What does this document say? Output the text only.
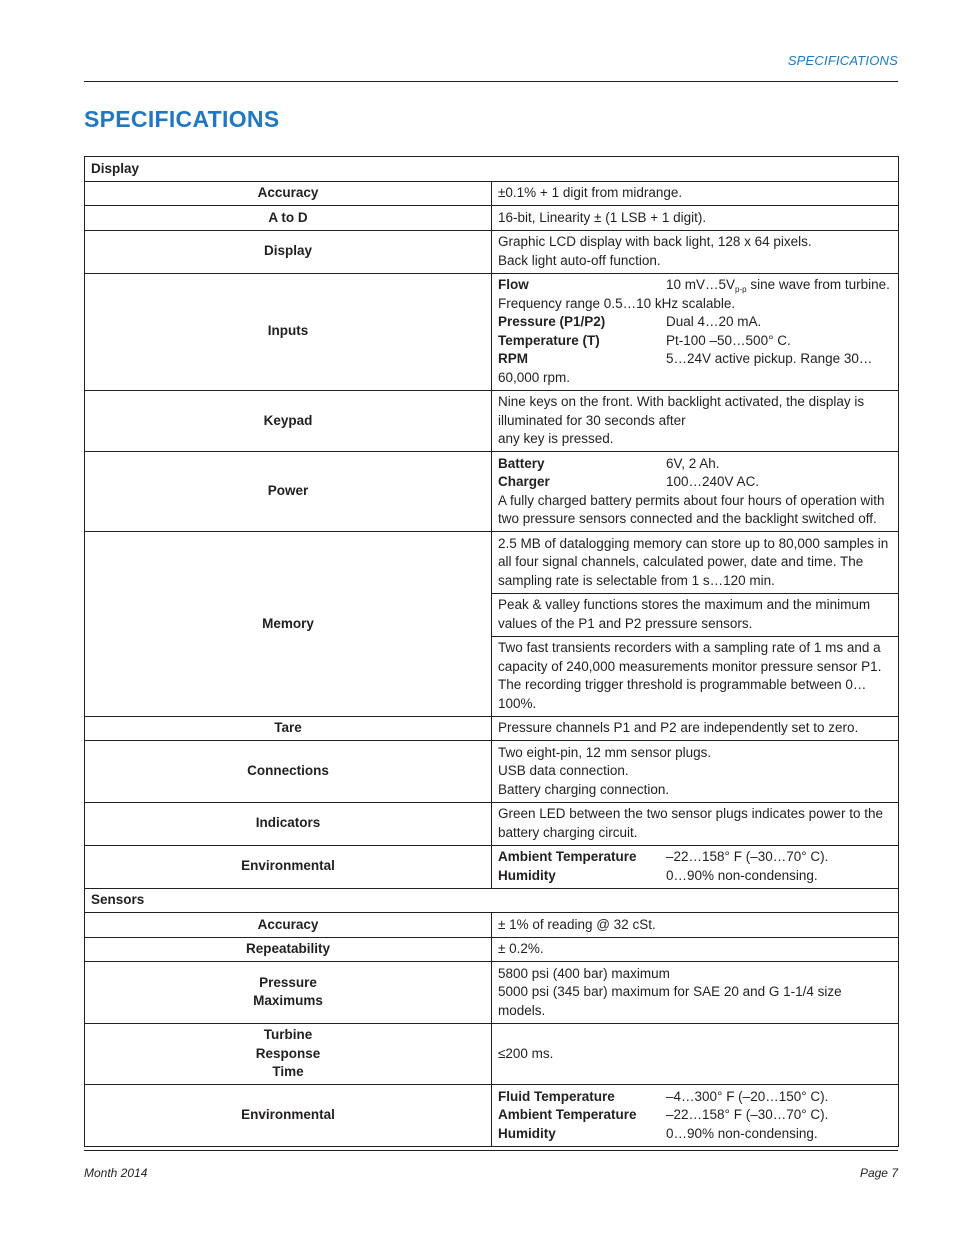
SPECIFICATIONS
SPECIFICATIONS
Display	
Accuracy	±0.1% + 1 digit from midrange.
A to D	16-bit, Linearity ± (1 LSB + 1 digit).
Display	Graphic LCD display with back light, 128 x 64 pixels.
Back light auto-off function.

Inputs	Flow 10 $mV\dots 5V_{p-p}$ sine wave from turbine. Frequency range 0.5…10 kHz scalable.
Pressure (P1/P2) Dual 4…20 mA.
Temperature (T) Pt-100 –50…500° C.
RPM 5…24V active pickup. Range 30…60,000 rpm.

Keypad	Nine keys on the front. With backlight activated, the display is illuminated for 30 seconds after
any key is pressed.

Power	Battery 6V, 2 Ah.
Charger 100…240V AC.
A fully charged battery permits about four hours of operation with two pressure sensors connected and the backlight switched off.

Memory	2.5 MB of datalogging memory can store up to 80,000 samples in all four signal channels, calculated power, date and time. The sampling rate is selectable from 1 s…120 min.
	Peak & valley functions stores the maximum and the minimum values of the P1 and P2 pressure sensors.
	Two fast transients recorders with a sampling rate of 1 ms and a capacity of 240,000 measurements monitor pressure sensor P1. The recording trigger threshold is programmable between 0…100%.
Tare	Pressure channels P1 and P2 are independently set to zero.
Connections	Two eight-pin, 12 mm sensor plugs.
USB data connection.
Battery charging connection.

Indicators	Green LED between the two sensor plugs indicates power to the battery charging circuit.
Environmental	Ambient Temperature –22…158° F (–30…70° C).
Humidity 0…90% non-condensing.

Sensors	
Accuracy	± 1% of reading @ 32 cSt.
Repeatability	± 0.2%.

Pressure
Maximums	5800 psi (400 bar) maximum
5000 psi (345 bar) maximum for SAE 20 and G 1-1/4 size models.

Turbine
Response
Time	≤200 ms.
Environmental	Fluid Temperature –4…300° F (–20…150° C).
Ambient Temperature –22…158° F (–30…70° C).
Humidity 0…90% non-condensing.
Month 2014	Page 7
